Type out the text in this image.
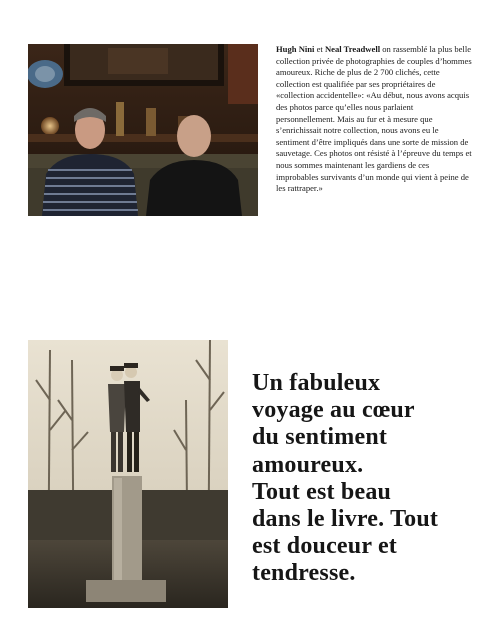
Hugh Nini et Neal Treadwell on rassemblé la plus belle collection privée de photographies de couples d’hommes amoureux. Riche de plus de 2 700 clichés, cette collection est qualifiée par ses propriétaires de «collection accidentelle»: «Au début, nous avons acquis des photos parce qu’elles nous parlaient personnellement. Mais au fur et à mesure que s’enrichissait notre collection, nous avons eu le sentiment d’être impliqués dans une sorte de mission de sauvetage. Ces photos ont résisté à l’épreuve du temps et nous sommes maintenant les gardiens de ces improbables survivants d’un monde qui vient à peine de les rattraper.»
Un fabuleux
voyage au cœur
du sentiment
amoureux.
Tout est beau
dans le livre. Tout
est douceur et
tendresse.
